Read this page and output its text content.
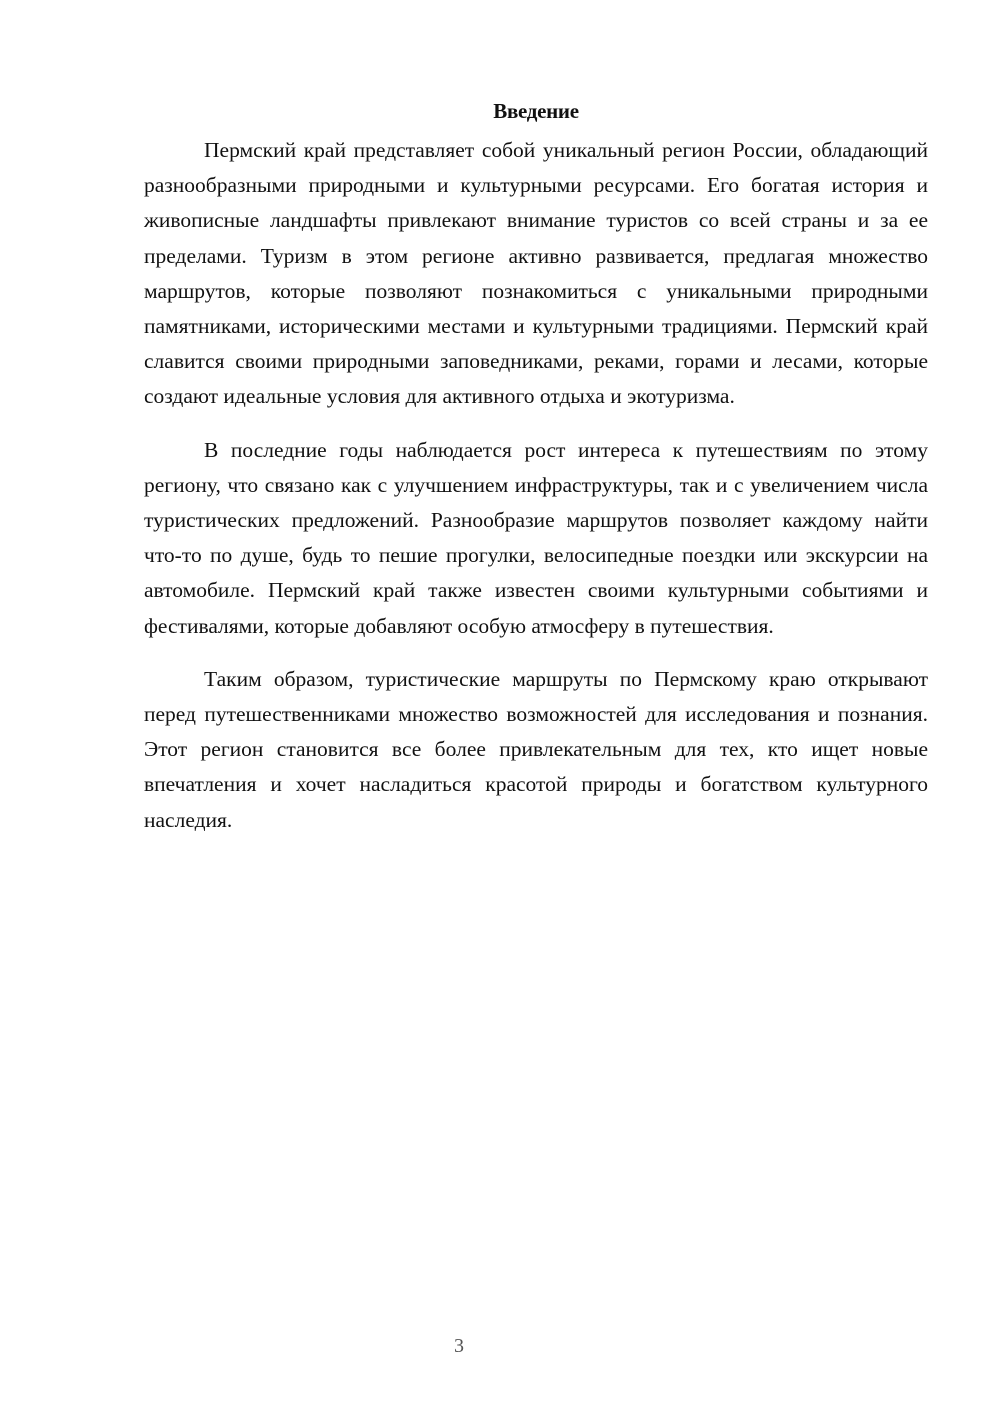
Введение

Пермский край представляет собой уникальный регион России, обладающий разнообразными природными и культурными ресурсами. Его богатая история и живописные ландшафты привлекают внимание туристов со всей страны и за ее пределами. Туризм в этом регионе активно развивается, предлагая множество маршрутов, которые позволяют познакомиться с уникальными природными памятниками, историческими местами и культурными традициями. Пермский край славится своими природными заповедниками, реками, горами и лесами, которые создают идеальные условия для активного отдыха и экотуризма.

В последние годы наблюдается рост интереса к путешествиям по этому региону, что связано как с улучшением инфраструктуры, так и с увеличением числа туристических предложений. Разнообразие маршрутов позволяет каждому найти что-то по душе, будь то пешие прогулки, велосипедные поездки или экскурсии на автомобиле. Пермский край также известен своими культурными событиями и фестивалями, которые добавляют особую атмосферу в путешествия.

Таким образом, туристические маршруты по Пермскому краю открывают перед путешественниками множество возможностей для исследования и познания. Этот регион становится все более привлекательным для тех, кто ищет новые впечатления и хочет насладиться красотой природы и богатством культурного наследия.

3
